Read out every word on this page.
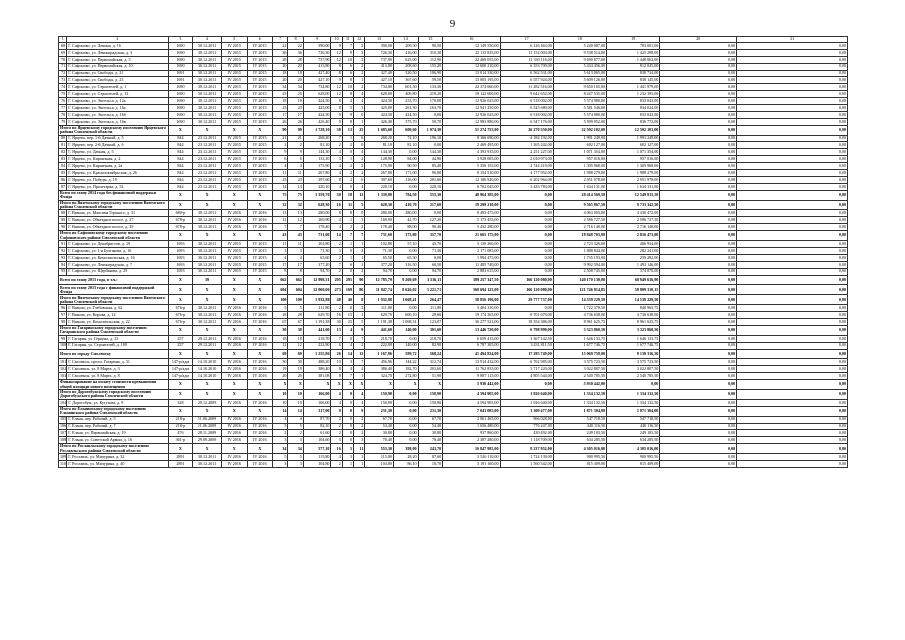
9
1	2	3	4	5	6	7	8	9	10	11	12	13	14	15	16	17	18	19	20	21
68	Г. Сафоново, ул. Ленина, д. 16	1690	30.12.2011	IV 2015	IV 2015	22	22	390,00	9	7	2	390,00	209,50	90,50	12 149 550,00	6 126 463,00	5 240 087,00	783 001,00	0,00	0,00
69	Г. Сафоново, ул. Ленинградская, д. 3	1690	30.12.2011	IV 2015	IV 2015	36	36	726,30	12	9	3	726,30	416,00	310,30	22 115 835,00	11 152 003,00	9 538 514,00	1 425 298,00	0,00	0,00
70	Г. Сафоново, ул. Первомайская, д. 5	1690	30.12.2011	IV 2015	IV 2015	28	28	737,90	12	10	2	737,90	625,00	112,90	22 469 055,00	11 330 116,00	9 690 877,00	1 448 062,00	0,00	0,00
71	Г. Сафоново, ул. Первомайская, д. 10	1690	30.12.2011	IV 2015	IV 2015	20	20	413,80	8	6	2	413,80	208,60	155,20	12 600 210,00	6 353 709,00	5 434 456,00	812 045,00	0,00	0,00
72	Г. Сафоново, ул. Свободы, д. 21	1691	30.12.2011	IV 2015	IV 2015	18	18	427,40	8	6	2	427,40	320,50	106,90	13 014 330,00	6 562 531,00	5 613 065,00	838 734,00	0,00	0,00
73	Г. Сафоново, ул. Свободы, д. 23	1691	30.12.2011	IV 2015	IV 2015	20	20	427,10	9	8	1	427,10	367,60	59,50	13 005 195,00	6 557 924,00	5 609 126,00	838 145,00	0,00	0,00
74	Г. Сафоново, ул. Строителей, д. 1	1690	30.12.2011	IV 2015	IV 2015	34	34	734,80	12	10	2	734,80	601,50	133,30	22 374 660,00	11 282 516,00	9 650 165,00	1 441 979,00	0,00	0,00
75	Г. Сафоново, ул. Строителей, д. 13	1690	30.12.2011	IV 2015	IV 2015	25	25	628,00	12	8	4	628,00	409,80	218,20	19 122 600,00	9 642 652,00	8 247 535,00	1 232 393,00	0,00	0,00
76	Г. Сафоново, ул. Энгельса, д. 12а	1690	30.12.2011	IV 2015	IV 2015	18	18	424,50	8	4	4	424,50	253,70	170,80	12 926 025,00	6 518 002,00	5 574 980,00	833 043,00	0,00	0,00
77	Г. Сафоново, ул. Энгельса, д. 16а	1690	30.12.2011	IV 2015	IV 2015	23	23	425,00	8	5	3	425,00	261,30	163,70	12 941 250,00	6 525 680,00	5 581 546,00	834 024,00	0,00	0,00
78	Г. Сафоново, ул. Энгельса, д. 16б	1690	30.12.2011	IV 2015	IV 2015	17	17	424,50	9	9	0	424,50	424,50	0,00	12 926 025,00	6 518 002,00	5 574 980,00	833 043,00	0,00	0,00
79	Г. Сафоново, ул. Энгельса, д. 16в	1690	30.12.2011	IV 2015	IV 2015	26	26	426,40	9	8	1	426,40	375,70	50,70	12 983 880,00	6 547 176,00	5 599 952,00	836 772,00	0,00	0,00
Итого по Ярцевскому городскому поселению Ярцевского района Смоленской области		X	X	X	X	90	90	1 728,10	38	13	25	1 683,60	609,60	1 074,30	51 274 755,00	26 270 550,00	22 502 102,00	12 502 103,00	0,00	0,00
80	Г. Ярцево, пер. 1-й Дачный, д. 5	844	23.12.2011	IV 2015	IV 2015	21	21	268,20	7	1	6	268,20	72,10	196,10	8 166 690,00	4 184 192,00	1 991 249,00	1 991 249,00	0,00	0,00
81	Г. Ярцево, пер. 2-й Дачный, д. 6	844	23.12.2011	IV 2015	IV 2015	2	2	81,10	2	2	0	81,10	81,10	0,00	2 469 495,00	1 265 242,00	602 127,00	602 127,00	0,00	0,00
82	Г. Ярцево, ул. Дачная, д. 5	844	23.12.2011	IV 2015	IV 2015	9	9	144,30	4	0	4	144,30	0,00	144,30	4 393 935,00	2 251 227,00	1 071 354,00	1 071 354,00	0,00	0,00
83	Г. Ярцево, ул. Кирпичная, д. 2	844	23.12.2011	IV 2015	IV 2015	6	6	133,10	3	1	2	128,90	84,00	44,90	3 928 005,00	2 010 973,00	957 016,00	957 016,00	0,00	0,00
84	Г. Ярцево, ул. Кирпичная, д. 2а	844	23.12.2011	IV 2015	IV 2015	4	4	175,90	4	2	2	175,90	90,50	85,40	5 356 155,00	2 744 219,00	1 305 968,00	1 305 968,00	0,00	0,00
85	Г. Ярцево, ул. Краснооктябрьская, д. 26	844	23.12.2011	IV 2015	IV 2015	11	11	267,80	4	2	2	267,80	171,00	96,80	8 154 510,00	4 177 952,00	1 988 279,00	1 988 279,00	0,00	0,00
86	Г. Ярцево, ул. Победы, д. 19	844	23.12.2011	IV 2015	IV 2015	23	23	397,60	8	2	6	397,60	116,00	281,60	12 106 920,00	6 202 964,00	2 951 978,00	2 951 978,00	0,00	0,00
87	Г. Ярцево, ул. Пролетарка, д. 52	844	23.12.2011	IV 2015	IV 2015	14	14	220,10	4	0	4	220,10	0,00	220,10	6 702 045,00	3 433 783,00	1 634 131,00	1 634 131,00	0,00	0,00
Всего по этапу 2014 года без финансовой поддержки Фонда		X	X	X	X	75	75	1 359,70	30	18	12	1 339,80	784,50	555,30	40 964 385,00	0,00	28 414 569,50	12 549 815,50	0,00	0,00
Итого по Вяземскому городскому поселению Вяземского района Смоленской области		X	X	X	X	32	32	628,30	16	11	5	628,30	410,70	217,60	19 299 210,00	0,00	9 565 867,50	9 733 342,50	0,00	0,00
88	Г. Вязьма, ул. Максима Горького, д. 31	680-р	30.12.2011	IV 2016	IV 2016	13	13	280,00	8	8	0	280,00	280,00	0,00	8 493 475,00	0,00	4 063 003,00	4 430 472,00	0,00	0,00
89	Г. Вязьма, ул. Объездное шоссе, д. 27	678-р	30.12.2011	IV 2016	IV 2016	12	12	169,90	4	1	3	169,90	42,70	127,20	5 173 455,00	0,00	2 586 727,50	2 586 727,50	0,00	0,00
90	Г. Вязьма, ул. Объездное шоссе, д. 29	678-р	30.12.2011	IV 2016	IV 2016	7	7	178,40	4	2	2	178,40	88,00	90,40	5 432 280,00	0,00	2 716 140,00	2 716 140,00	0,00	0,00
Итого по Сафоновскому городскому поселению Сафоновского района Смоленской области		X	X	X	X	43	43	731,60	14	7	7	731,60	373,80	357,70	21 665 175,00	0,00	18 848 703,00	2 816 473,00	0,00	0,00
91	Г. Сафоново, ул. Декабристов, д. 19	1693	30.12.2011	IV 2015	IV 2015	11	11	102,80	2	1	1	102,80	57,10	45,70	3 130 260,00	0,00	2 723 326,00	406 934,00	0,00	0,00
92	Г. Сафоново, ул. 1-я Булгакова, д. 16	1693	30.12.2011	IV 2015	IV 2015	3	3	71,30	3	0	3	71,30	0,00	71,30	2 171 085,00	0,00	1 888 844,00	282 241,00	0,00	0,00
93	Г. Сафоново, ул. Комсомольская, д. 16	1693	30.12.2011	IV 2015	IV 2015	4	4	65,60	2	1	1	65,50	65,50	0,00	1 994 475,00	0,00	1 735 193,00	259 282,00	0,00	0,00
94	Г. Сафоново, ул. Ленинградская, д. 7	1693	30.12.2011	IV 2015	IV 2015	17	17	377,20	7	6	1	377,20	316,50	60,50	11 485 740,00	0,00	9 992 594,00	1 493 146,00	0,00	0,00
95	Г. Сафоново, ул. Щербакова, д. 29	1693	30.12.2011	IV 2015	IV 2015	8	8	94,70	2	0	2	94,70	0,00	94,70	2 883 615,00	0,00	2 508 745,00	374 870,00	0,00	0,00
Всего по этапу 2015 года, в т.ч.:		X	39	X	X	662	662	12 998,31	295	295	90	12 785,79	9 269,69	3 516,11	389 257 347,50	166 120 080,00	140 170 130,00	68 949 616,90	0,00	0,00
Всего по этапу 2015 года с финансовой поддержкой Фонда		X	X	X	X	604	604	12 060,06	273	169	86	11 847,74	8 626,02	3 221,71	360 694 125,00	166 120 080,00	121 746 814,85	58 809 310,15	0,00	0,00
Итого по Вяземскому городскому поселению Вяземского района Смоленской области		X	X	X	X	100	100	1 932,88	48	40	8	1 932,88	1 668,41	264,47	58 856 196,00	29 777 737,00	14 539 229,50	14 539 229,50	0,00	0,00
96	Г. Вязьма, ул. Глебовская, д. 62	676-р	30.12.2011	IV 2016	IV 2016	5	5	111,80	2	0	2	111,80	0,00	111,80	3 404 310,00	0,00	1 722 378,50	840 965,75	0,00	0,00
97	Г. Вязьма, ул. Кирова, д. 12	676-р	30.12.2011	IV 2016	IV 2016	28	28	629,70	16	15	1	629,70	600,10	29,60	19 174 365,00	9 701 679,00	4 736 638,00	4 736 638,00	0,00	0,00
98	Г. Вязьма, ул. Комсомольская, д. 22	676-р	30.12.2011	IV 2016	IV 2016	67	67	1 191,38	30	25	5	1 191,38	1 068,31	123,07	36 277 521,00	18 354 386,00	8 961 625,75	8 961 625,75	0,00	0,00
Итого по Гагаринскому городскому поселению Гагаринского района Смоленской области		X	X	X	X	30	30	441,60	13	4	9	441,60	140,00	301,60	13 446 720,00	6 798 999,00	3 323 860,50	3 323 860,50	0,00	0,00
99	Г. Гагарин, ул. Герцена, д. 23	257	29.12.2011	IV 2016	IV 2016	18	18	218,70	7	0	7	218,70	0,00	218,70	6 659 415,00	3 367 142,50	1 646 133,75	1 646 133,75	0,00	0,00
100	Г. Гагарин, ул. Строителей, д. 109	257	29.12.2011	IV 2016	IV 2016	12	12	222,90	6	4	2	222,90	140,00	82,90	6 787 305,00	3 431 811,50	1 677 746,75	1 677 746,75	0,00	0,00
Итого по городу Смоленску		X	X	X	X	69	69	1 255,86	26	14	12	1 167,96	599,72	568,24	41 494 824,00	17 285 749,00	15 069 758,00	9 139 316,50	0,00	0,00
101	Г. Смоленск, просп. Гагарина, д. 31	147-р/адм	14.10.2010	IV 2016	IV 2016	30	30	488,20	10	3	7	456,96	144,22	312,74	13 914 432,00	6 762 985,00	3 575 723,50	3 575 723,50	0,00	0,00
102	Г. Смоленск, ул. 8 Марта, д. 3	147-р/адм	14.10.2010	IV 2016	IV 2016	19	19	386,40	8	4	4	386,40	182,70	203,60	11 762 835,00	5 717 220,00	3 022 807,50	3 022 807,50	0,00	0,00
103	Г. Смоленск, ул. 8 Марта, д. 8	147-р/адм	14.10.2010	IV 2016	IV 2016	20	20	381,08	8	7	1	324,70	272,80	51,90	9 887 115,00	4 805 544,00	2 540 785,50	2 540 785,50	0,00	0,00
Финансирование на оплату стоимости превышения общей площади нового помещения		X	X	X	X	X	X	X	X	X	X	X	X	X	5 930 442,00	0,00	5 930 442,00	0,00	0,00	0,00
Итого по Дорогобужскому городскому поселению Дорогобужского района Смоленской области		X	X	X	X	10	10	166,00	4	0	4	150,90	0,00	150,90	4 594 905,00	1 926 640,00	1 334 132,50	1 334 132,50	0,00	0,00
104	Г. Дорогобуж, ул. Кутузова, д. 9	328	29.12.2009	IV 2016	IV 2016	10	10	166,00	4	0	4	150,90	0,00	150,90	4 594 905,00	1 926 640,00	1 334 132,50	1 334 132,50	0,00	0,00
Итого по Ельнинскому городскому поселению Ельнинского района Смоленской области		X	X	X	X	14	14	317,00	9	0	9	231,30	0,00	231,30	7 043 085,00	3 309 477,00	1 871 304,00	1 871 304,00	0,00	0,00
105	Г. Ельня, пер. Рабочий, д. 5	218-р	11.06.2009	IV 2016	IV 2016	4	4	87,70	2	0	2	67,70	0,00	67,70	2 061 465,00	966 028,00	547 718,50	547 718,50	0,00	0,00
106	Г. Ельня, пер. Рабочий, д. 7	218-р	11.06.2009	IV 2016	IV 2016	5	5	82,10	2	0	2	54,40	0,00	54,40	1 656 480,00	776 247,00	440 116,50	440 116,50	0,00	0,00
107	Г. Ельня, ул. Первомайская, д. 19	476	28.11.2009	IV 2016	IV 2016	2	2	61,60	2	0	2	30,80	0,00	30,80	937 860,00	439 492,00	249 183,50	249 183,50	0,00	0,00
108	Г. Ельня, ул. Советской Армии, д. 16	361-р	29.09.2009	IV 2016	IV 2016	3	3	104,60	3	0	3	78,40	0,00	78,40	2 387 280,00	1 118 709,00	634 285,50	634 285,50	0,00	0,00
Итого по Рославльскому городскому поселению Рославльского района Смоленской области		X	X	X	X	34	34	577,10	16	5	11	553,30	399,00	243,70	16 847 985,00	8 237 952,00	4 305 016,00	4 305 016,00	0,00	0,00
109	Г. Рославль, ул. Мичурина, д. 32	2891	30.12.2011	IV 2016	IV 2016	5	5	115,80	4	3	1	115,80	28,20	87,60	3 526 110,00	1 724 139,00	900 995,50	900 995,50	0,00	0,00
110	Г. Рославль, ул. Мичурина, д. 40	2891	30.12.2011	IV 2016	IV 2016	3	3	104,80	2	1	1	104,80	86,10	18,70	3 191 160,00	1 560 342,00	815 409,00	815 409,00	0,00	0,00
